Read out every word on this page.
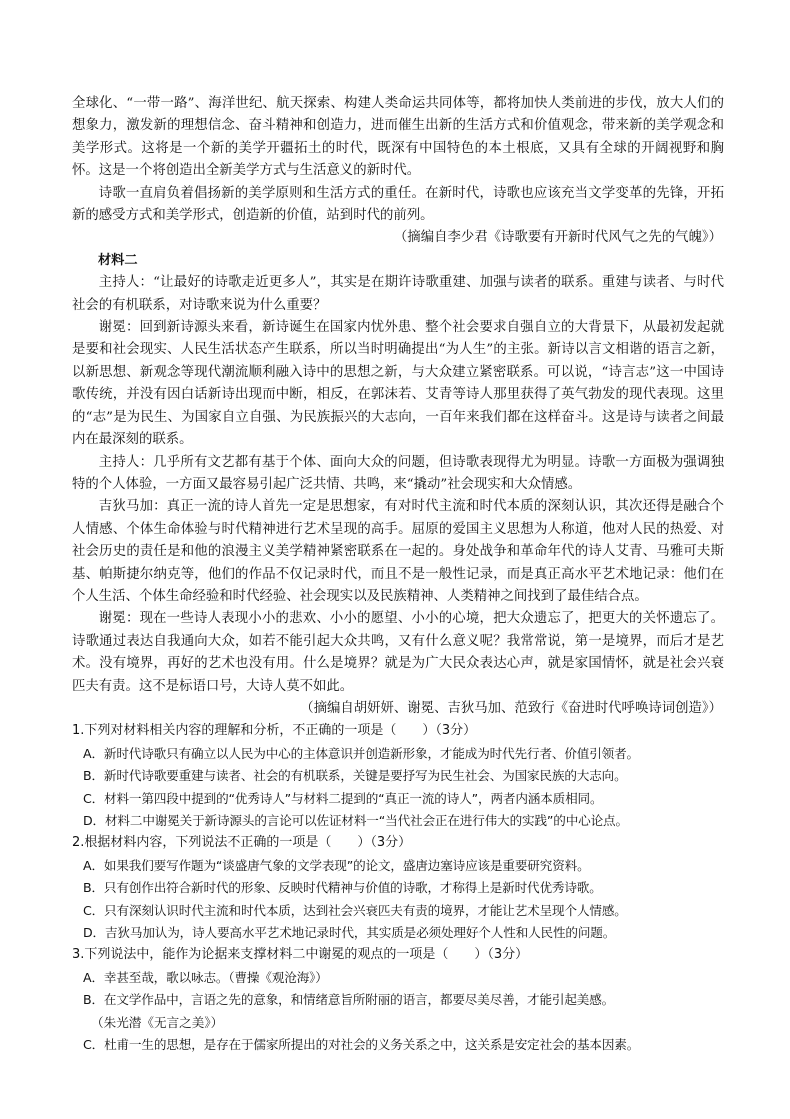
全球化、“一带一路”、海洋世纪、航天探索、构建人类命运共同体等，都将加快人类前进的步伐，放大人们的想象力，激发新的理想信念、奋斗精神和创造力，进而催生出新的生活方式和价值观念，带来新的美学观念和美学形式。这将是一个新的美学开疆拓土的时代，既深有中国特色的本土根底，又具有全球的开阔视野和胸怀。这是一个将创造出全新美学方式与生活意义的新时代。

诗歌一直肩负着倡扬新的美学原则和生活方式的重任。在新时代，诗歌也应该充当文学变革的先锋，开拓新的感受方式和美学形式，创造新的价值，站到时代的前列。

（摘编自李少君《诗歌要有开新时代风气之先的气魄》）

材料二

主持人：“让最好的诗歌走近更多人”，其实是在期许诗歌重建、加强与读者的联系。重建与读者、与时代社会的有机联系，对诗歌来说为什么重要？

谢冕：回到新诗源头来看，新诗诞生在国家内忧外患、整个社会要求自强自立的大背景下，从最初发起就是要和社会现实、人民生活状态产生联系，所以当时明确提出“为人生”的主张。新诗以言文相谐的语言之新，以新思想、新观念等现代潮流顺利融入诗中的思想之新，与大众建立紧密联系。可以说，“诗言志”这一中国诗歌传统，并没有因白话新诗出现而中断，相反，在郭沫若、艾青等诗人那里获得了英气勃发的现代表现。这里的“志”是为民生、为国家自立自强、为民族振兴的大志向，一百年来我们都在这样奋斗。这是诗与读者之间最内在最深刻的联系。

主持人：几乎所有文艺都有基于个体、面向大众的问题，但诗歌表现得尤为明显。诗歌一方面极为强调独特的个人体验，一方面又最容易引起广泛共情、共鸣，来“撬动”社会现实和大众情感。

吉狄马加：真正一流的诗人首先一定是思想家，有对时代主流和时代本质的深刻认识，其次还得是融合个人情感、个体生命体验与时代精神进行艺术呈现的高手。屈原的爱国主义思想为人称道，他对人民的热爱、对社会历史的责任是和他的浪漫主义美学精神紧密联系在一起的。身处战争和革命年代的诗人艾青、马雅可夫斯基、帕斯捷尔纳克等，他们的作品不仅记录时代，而且不是一般性记录，而是真正高水平艺术地记录：他们在个人生活、个体生命经验和时代经验、社会现实以及民族精神、人类精神之间找到了最佳结合点。

谢冕：现在一些诗人表现小小的悲欢、小小的愿望、小小的心境，把大众遗忘了，把更大的关怀遗忘了。诗歌通过表达自我通向大众，如若不能引起大众共鸣，又有什么意义呢？我常常说，第一是境界，而后才是艺术。没有境界，再好的艺术也没有用。什么是境界？就是为广大民众表达心声，就是家国情怀，就是社会兴衰匹夫有责。这不是标语口号，大诗人莫不如此。

（摘编自胡妍妍、谢冕、吉狄马加、范致行《奋进时代呼唤诗词创造》）

1.下列对材料相关内容的理解和分析，不正确的一项是（　　）（3分）

A．新时代诗歌只有确立以人民为中心的主体意识并创造新形象，才能成为时代先行者、价值引领者。

B．新时代诗歌要重建与读者、社会的有机联系，关键是要抒写为民生社会、为国家民族的大志向。

C．材料一第四段中提到的“优秀诗人”与材料二提到的“真正一流的诗人”，两者内涵本质相同。

D．材料二中谢冕关于新诗源头的言论可以佐证材料一“当代社会正在进行伟大的实践”的中心论点。

2.根据材料内容，下列说法不正确的一项是（　　）（3分）

A．如果我们要写作题为“谈盛唐气象的文学表现”的论文，盛唐边塞诗应该是重要研究资料。

B．只有创作出符合新时代的形象、反映时代精神与价值的诗歌，才称得上是新时代优秀诗歌。

C．只有深刻认识时代主流和时代本质，达到社会兴衰匹夫有责的境界，才能让艺术呈现个人情感。

D．吉狄马加认为，诗人要高水平艺术地记录时代，其实质是必须处理好个人性和人民性的问题。

3.下列说法中，能作为论据来支撑材料二中谢冕的观点的一项是（　　）（3分）

A．幸甚至哉，歌以咏志。（曹操《观沧海》）

B．在文学作品中，言语之先的意象，和情绪意旨所附丽的语言，都要尽美尽善，才能引起美感。

（朱光潜《无言之美》）

C．杜甫一生的思想，是存在于儒家所提出的对社会的义务关系之中，这关系是安定社会的基本因素。
